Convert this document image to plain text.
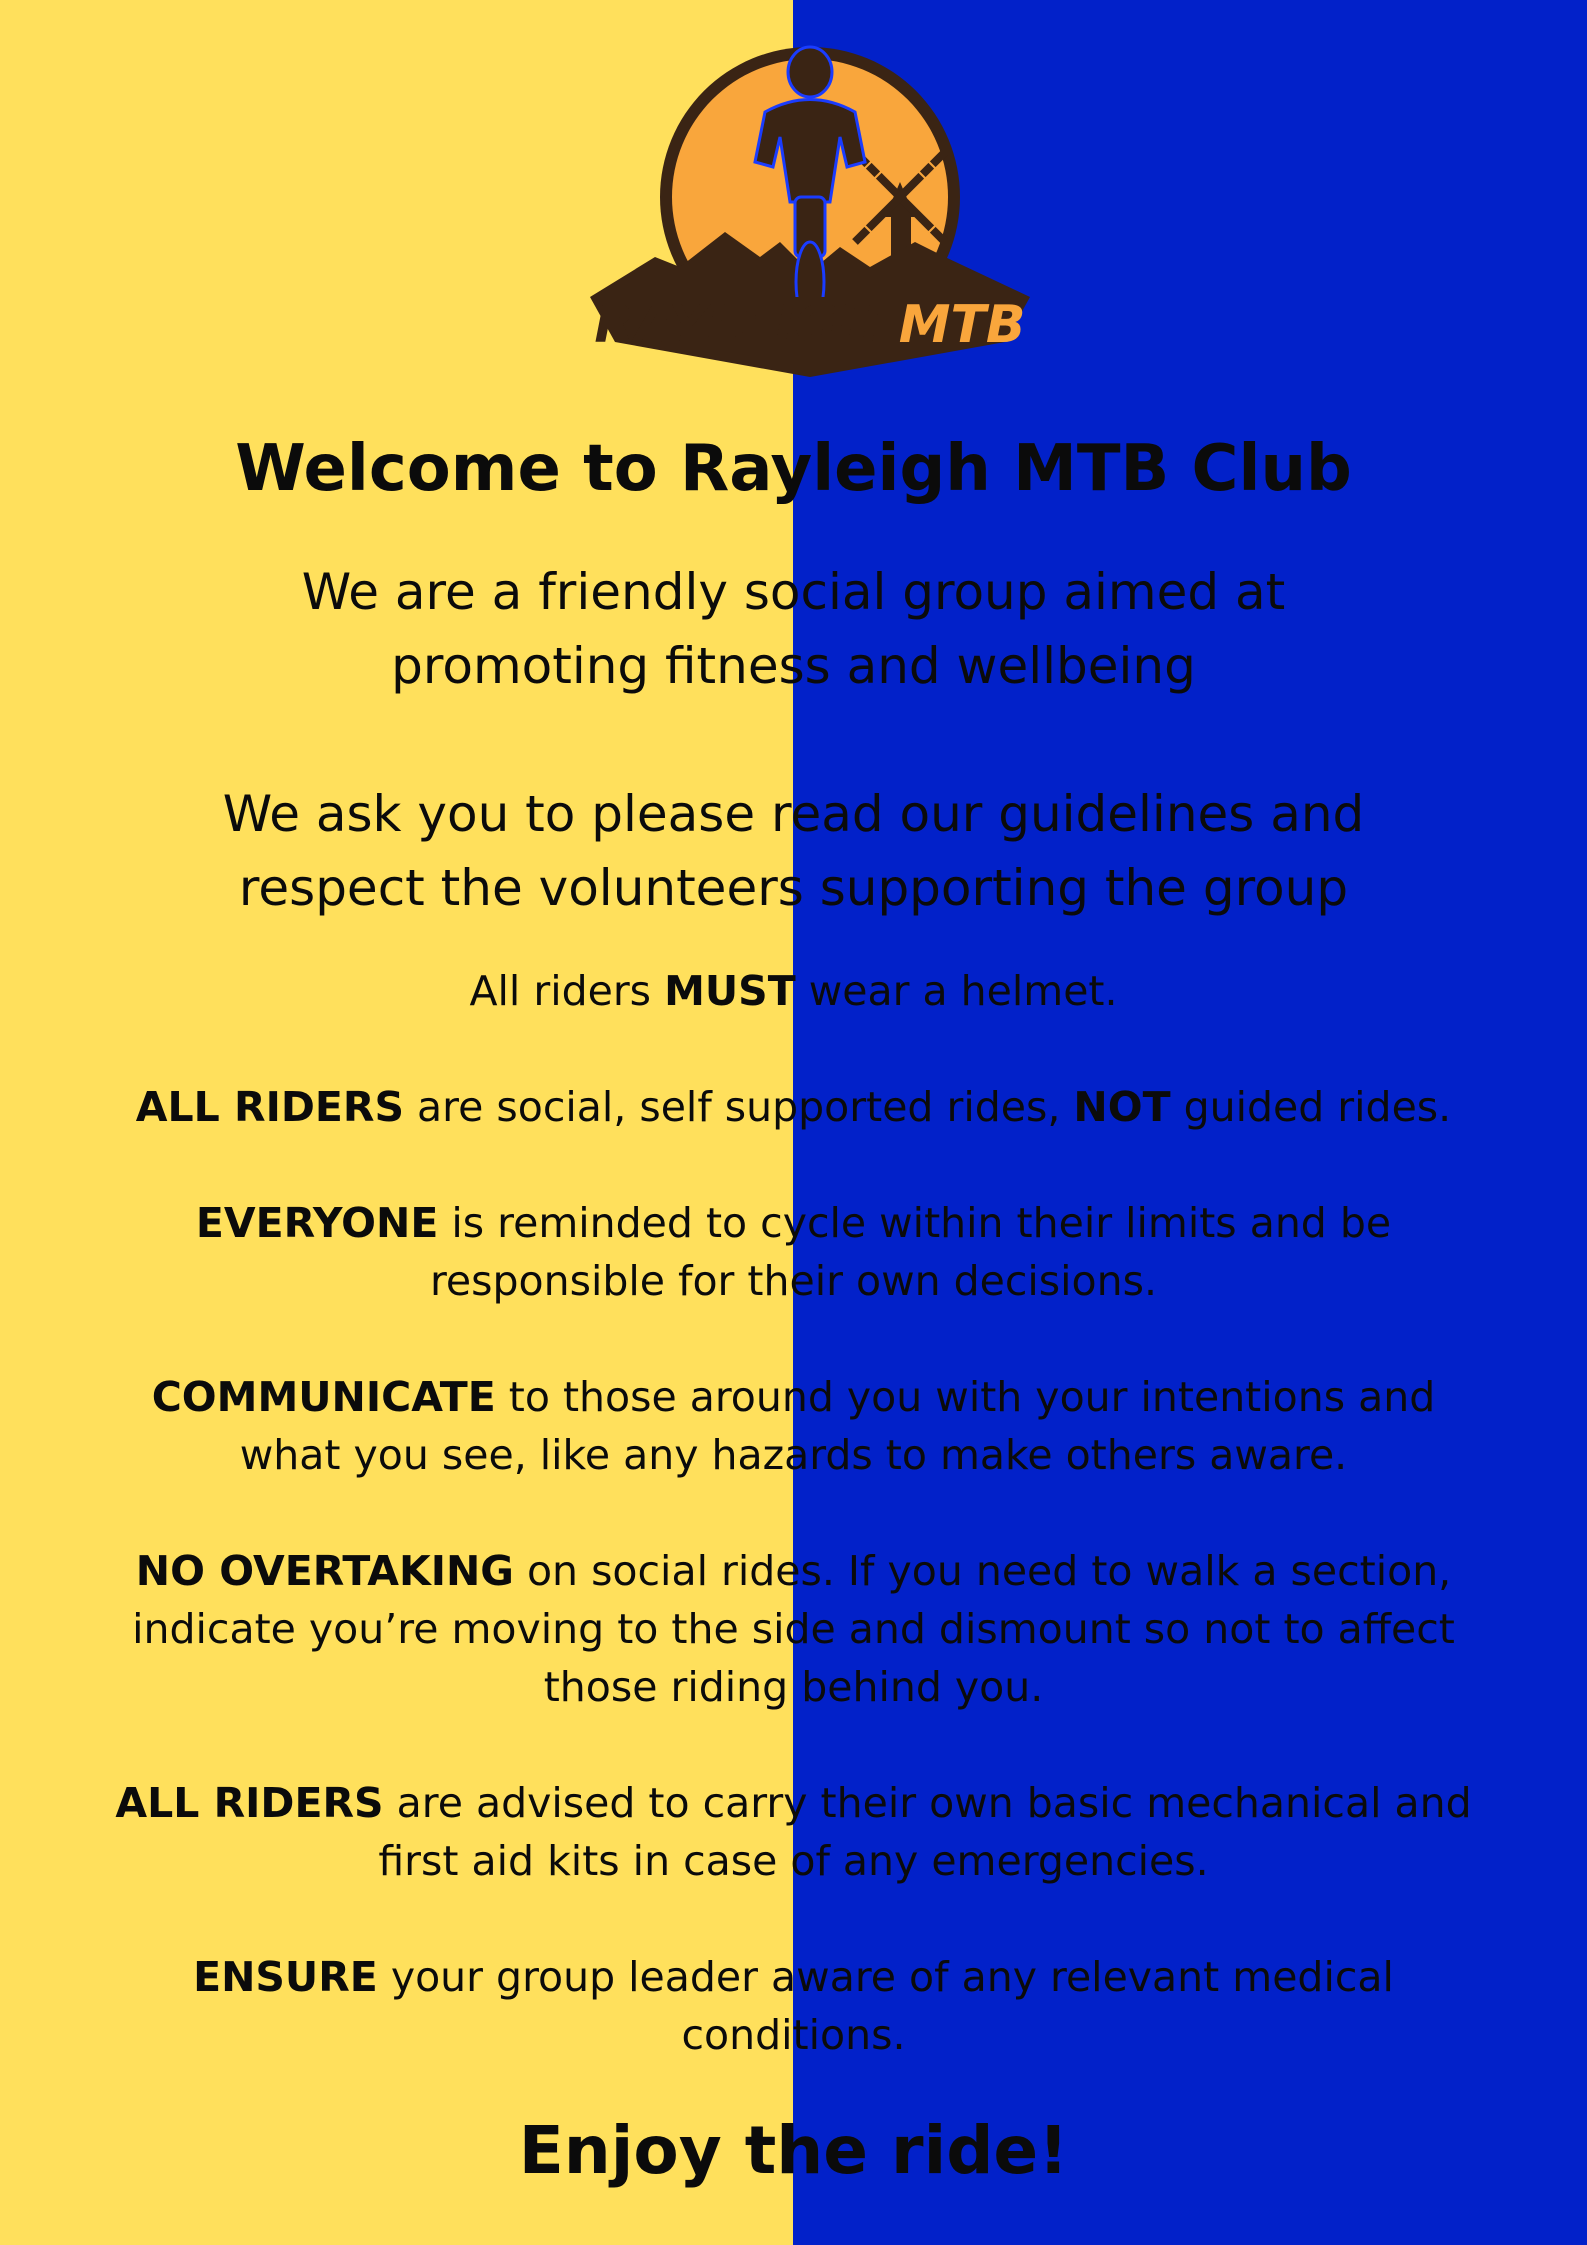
RAYLEIGH MTB
Welcome to Rayleigh MTB Club

We are a friendly social group aimed at
promoting fitness and wellbeing

We ask you to please read our guidelines and
respect the volunteers supporting the group

All riders MUST wear a helmet.

ALL RIDERS are social, self supported rides, NOT guided rides.

EVERYONE is reminded to cycle within their limits and be
responsible for their own decisions.

COMMUNICATE to those around you with your intentions and
what you see, like any hazards to make others aware.

NO OVERTAKING on social rides. If you need to walk a section,
indicate you’re moving to the side and dismount so not to affect
those riding behind you.

ALL RIDERS are advised to carry their own basic mechanical and
first aid kits in case of any emergencies.

ENSURE your group leader aware of any relevant medical
conditions.

Enjoy the ride!
